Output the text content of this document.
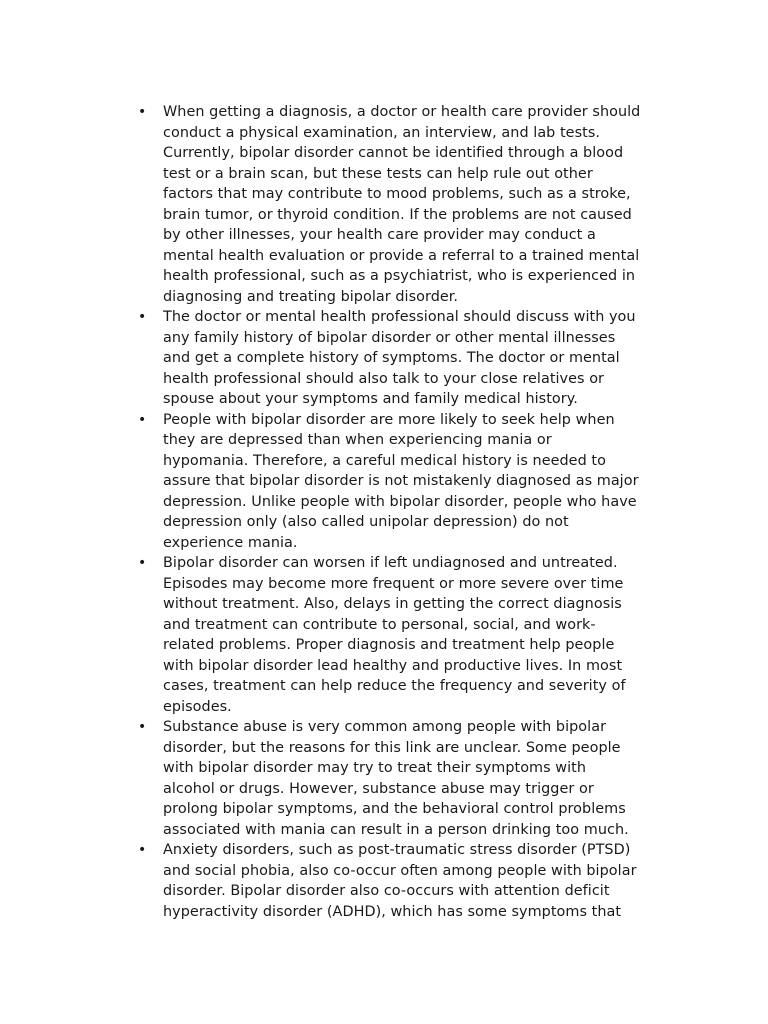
• When getting a diagnosis, a doctor or health care provider should
conduct a physical examination, an interview, and lab tests.
Currently, bipolar disorder cannot be identified through a blood
test or a brain scan, but these tests can help rule out other
factors that may contribute to mood problems, such as a stroke,
brain tumor, or thyroid condition. If the problems are not caused
by other illnesses, your health care provider may conduct a
mental health evaluation or provide a referral to a trained mental
health professional, such as a psychiatrist, who is experienced in
diagnosing and treating bipolar disorder.
• The doctor or mental health professional should discuss with you
any family history of bipolar disorder or other mental illnesses
and get a complete history of symptoms. The doctor or mental
health professional should also talk to your close relatives or
spouse about your symptoms and family medical history.
• People with bipolar disorder are more likely to seek help when
they are depressed than when experiencing mania or
hypomania. Therefore, a careful medical history is needed to
assure that bipolar disorder is not mistakenly diagnosed as major
depression. Unlike people with bipolar disorder, people who have
depression only (also called unipolar depression) do not
experience mania.
• Bipolar disorder can worsen if left undiagnosed and untreated.
Episodes may become more frequent or more severe over time
without treatment. Also, delays in getting the correct diagnosis
and treatment can contribute to personal, social, and work-
related problems. Proper diagnosis and treatment help people
with bipolar disorder lead healthy and productive lives. In most
cases, treatment can help reduce the frequency and severity of
episodes.
• Substance abuse is very common among people with bipolar
disorder, but the reasons for this link are unclear. Some people
with bipolar disorder may try to treat their symptoms with
alcohol or drugs. However, substance abuse may trigger or
prolong bipolar symptoms, and the behavioral control problems
associated with mania can result in a person drinking too much.
• Anxiety disorders, such as post-traumatic stress disorder (PTSD)
and social phobia, also co-occur often among people with bipolar
disorder. Bipolar disorder also co-occurs with attention deficit
hyperactivity disorder (ADHD), which has some symptoms that
